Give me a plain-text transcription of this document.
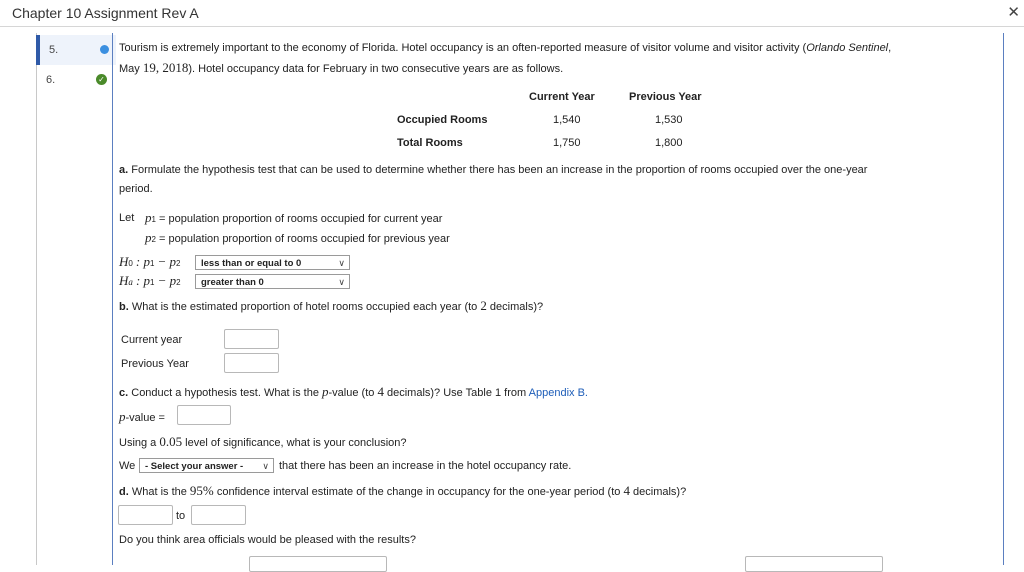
Chapter 10 Assignment Rev A	✕
5.
6.	✓
Tourism is extremely important to the economy of Florida. Hotel occupancy is an often-reported measure of visitor volume and visitor activity (Orlando Sentinel,
May 19, 2018). Hotel occupancy data for February in two consecutive years are as follows.
Current Year	Previous Year
Occupied Rooms	1,540	1,530
Total Rooms	1,750	1,800
a. Formulate the hypothesis test that can be used to determine whether there has been an increase in the proportion of rooms occupied over the one-year
period.
Let p1 = population proportion of rooms occupied for current year
p2 = population proportion of rooms occupied for previous year
H0 : p1 − p2	less than or equal to 0	∨
Ha : p1 − p2	greater than 0	∨
b. What is the estimated proportion of hotel rooms occupied each year (to 2 decimals)?
Current year
Previous Year
c. Conduct a hypothesis test. What is the p-value (to 4 decimals)? Use Table 1 from Appendix B.
p-value =
Using a 0.05 level of significance, what is your conclusion?
We	- Select your answer - ∨ that there has been an increase in the hotel occupancy rate.
d. What is the 95% confidence interval estimate of the change in occupancy for the one-year period (to 4 decimals)?
to
Do you think area officials would be pleased with the results?
